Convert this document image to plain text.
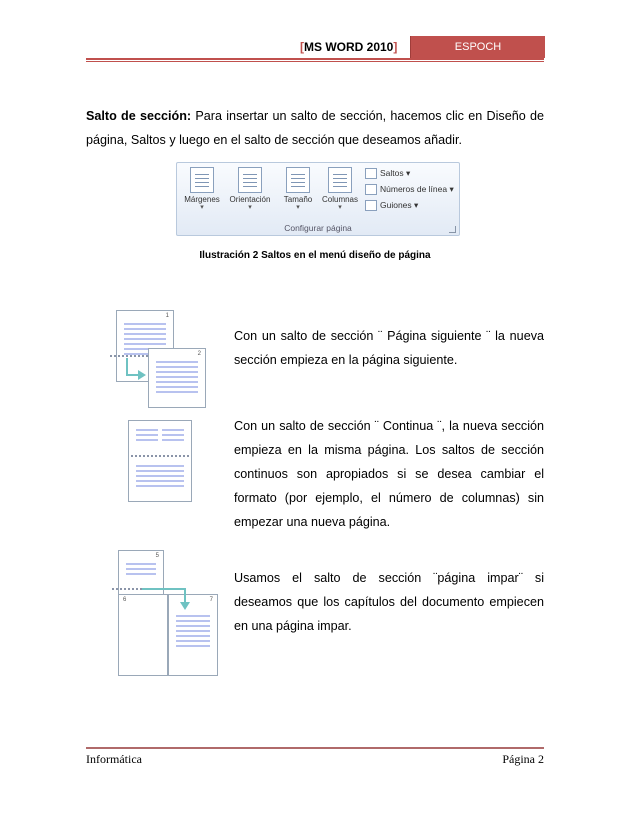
[MS WORD 2010]	ESPOCH
Salto de sección: Para insertar un salto de sección, hacemos clic en Diseño de página, Saltos y luego en el salto de sección que deseamos añadir.
Márgenes
▾
Orientación
▾
Tamaño
▾
Columnas
▾
Saltos ▾
Números de línea ▾
Guiones ▾
Configurar página
Ilustración 2 Saltos en el menú diseño de página
1
2
Con un salto de sección ¨ Página siguiente ¨ la nueva sección empieza en la página siguiente.
Con un salto de sección ¨ Continua ¨, la nueva sección empieza en la misma página. Los saltos de sección continuos son apropiados si se desea cambiar el formato (por ejemplo, el número de columnas) sin empezar una nueva página.
5
6	7
Usamos el salto de sección ¨página impar¨ si deseamos que los capítulos del documento empiecen en una página impar.
Informática	Página 2
